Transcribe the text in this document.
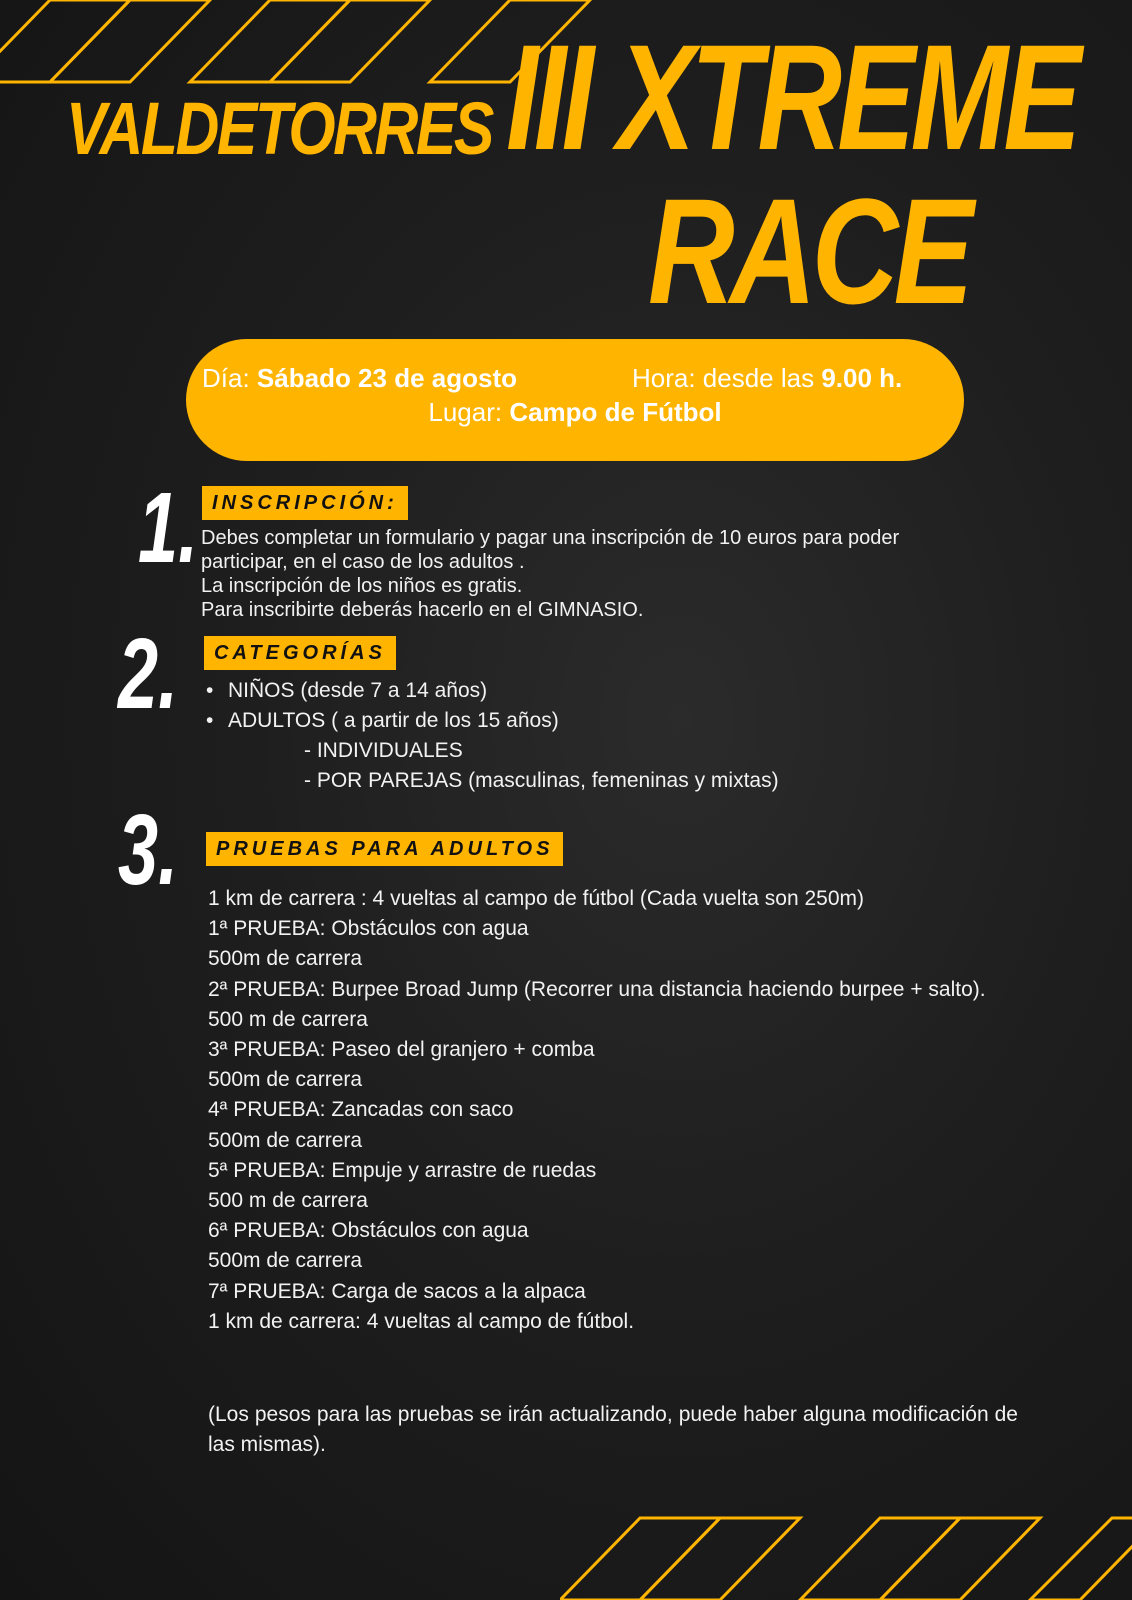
VALDETORRES III XTREME
RACE
Día: Sábado 23 de agosto	Hora: desde las 9.00 h.
Lugar: Campo de Fútbol
1. INSCRIPCIÓN:
Debes completar un formulario y pagar una inscripción de 10 euros para poder
participar, en el caso de los adultos .
La inscripción de los niños es gratis.
Para inscribirte deberás hacerlo en el GIMNASIO.
2.	CATEGORÍAS
• NIÑOS (desde 7 a 14 años)
• ADULTOS ( a partir de los 15 años)
- INDIVIDUALES
- POR PAREJAS (masculinas, femeninas y mixtas)
3.	PRUEBAS PARA ADULTOS
1 km de carrera : 4 vueltas al campo de fútbol (Cada vuelta son 250m)
1ª PRUEBA: Obstáculos con agua
500m de carrera
2ª PRUEBA: Burpee Broad Jump (Recorrer una distancia haciendo burpee + salto).
500 m de carrera
3ª PRUEBA: Paseo del granjero + comba
500m de carrera
4ª PRUEBA: Zancadas con saco
500m de carrera
5ª PRUEBA: Empuje y arrastre de ruedas
500 m de carrera
6ª PRUEBA: Obstáculos con agua
500m de carrera
7ª PRUEBA: Carga de sacos a la alpaca
1 km de carrera: 4 vueltas al campo de fútbol.
(Los pesos para las pruebas se irán actualizando, puede haber alguna modificación de las mismas).
